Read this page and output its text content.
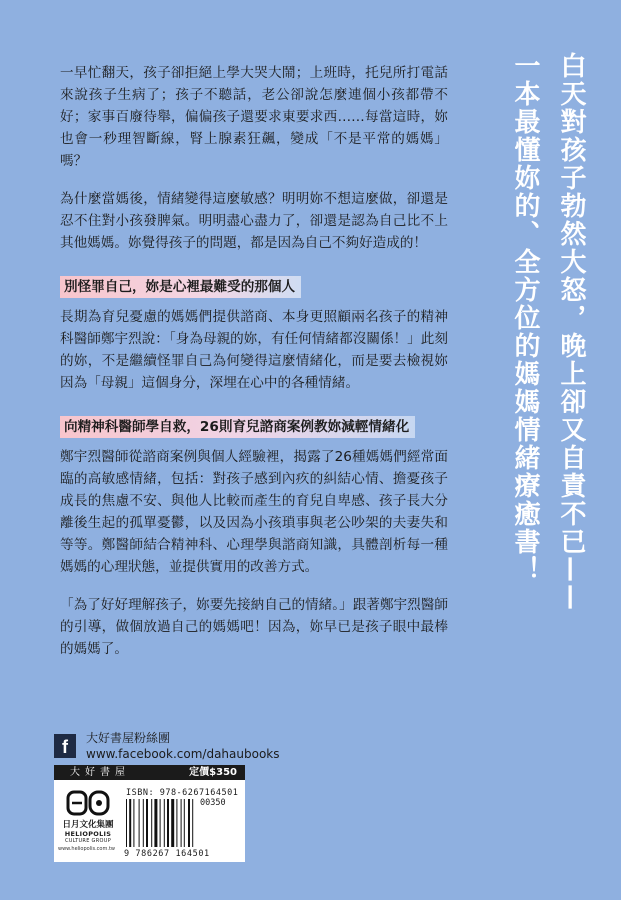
一早忙翻天，孩子卻拒絕上學大哭大鬧；上班時，托兒所打電話來說孩子生病了；孩子不聽話，老公卻說怎麼連個小孩都帶不好；家事百廢待舉，偏偏孩子還要求東要求西……每當這時，妳也會一秒理智斷線，腎上腺素狂飆，變成「不是平常的媽媽」嗎？

為什麼當媽後，情緒變得這麼敏感？明明妳不想這麼做，卻還是忍不住對小孩發脾氣。明明盡心盡力了，卻還是認為自己比不上其他媽媽。妳覺得孩子的問題，都是因為自己不夠好造成的！

別怪罪自己，妳是心裡最難受的那個人

長期為育兒憂慮的媽媽們提供諮商、本身更照顧兩名孩子的精神科醫師鄭宇烈說：「身為母親的妳，有任何情緒都沒關係！」此刻的妳，不是繼續怪罪自己為何變得這麼情緒化，而是要去檢視妳因為「母親」這個身分，深埋在心中的各種情緒。

向精神科醫師學自救，26則育兒諮商案例教妳減輕情緒化

鄭宇烈醫師從諮商案例與個人經驗裡，揭露了26種媽媽們經常面臨的高敏感情緒，包括：對孩子感到內疚的糾結心情、擔憂孩子成長的焦慮不安、與他人比較而產生的育兒自卑感、孩子長大分離後生起的孤單憂鬱，以及因為小孩瑣事與老公吵架的夫妻失和等等。鄭醫師結合精神科、心理學與諮商知識，具體剖析每一種媽媽的心理狀態，並提供實用的改善方式。

「為了好好理解孩子，妳要先接納自己的情緒。」跟著鄭宇烈醫師的引導，做個放過自己的媽媽吧！因為，妳早已是孩子眼中最棒的媽媽了。

白天對孩子勃然大怒，晚上卻又自責不已——
一本最懂妳的、全方位的媽媽情緒療癒書！
f	大好書屋粉絲團
www.facebook.com/dahaubooks
大好書屋	定價$350
日月文化集團
HELIOPOLIS
CULTURE GROUP
www.heliopolis.com.tw
ISBN: 978-6267164501
00350
9 786267 164501
